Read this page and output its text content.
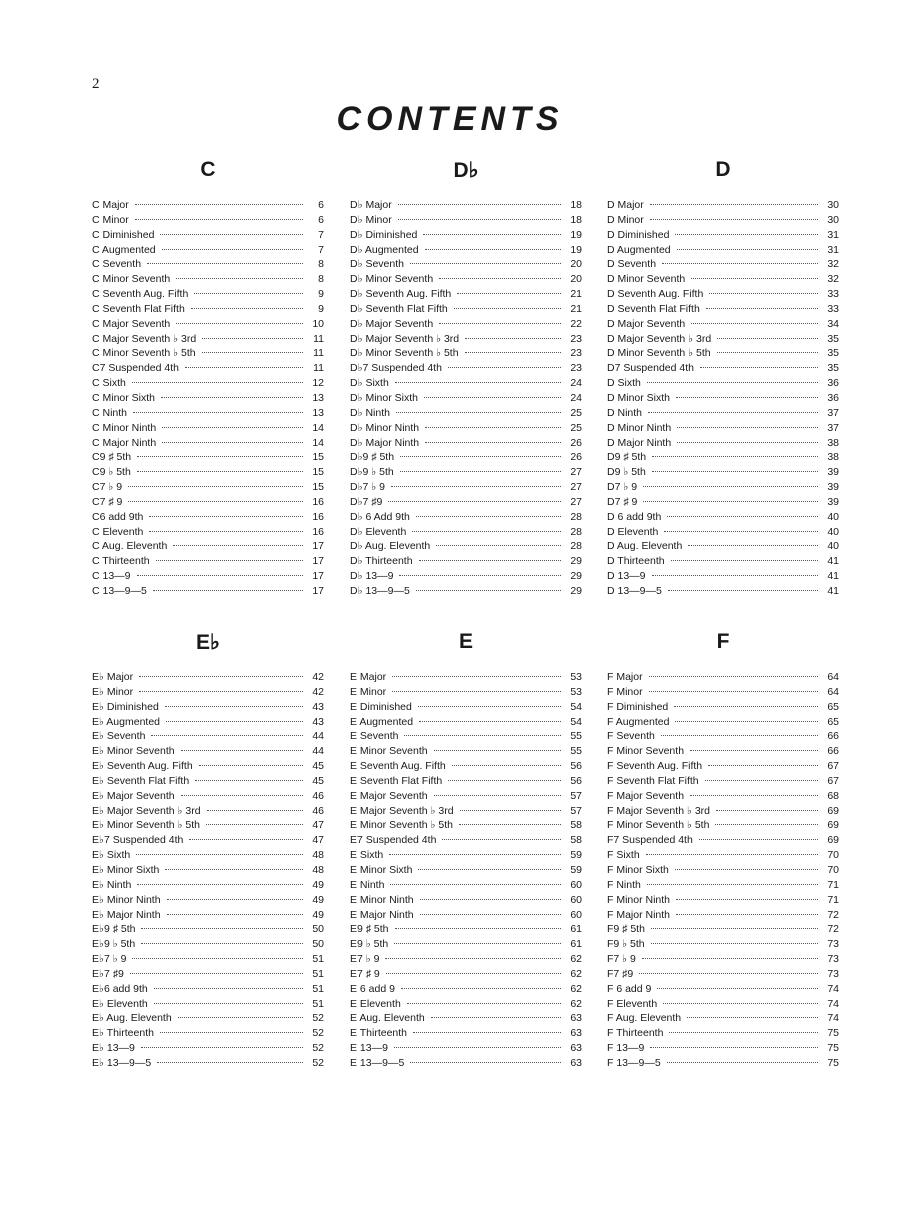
2
CONTENTS
C
C Major	6
C Minor	6
C Diminished	7
C Augmented	7
C Seventh	8
C Minor Seventh	8
C Seventh Aug. Fifth	9
C Seventh Flat Fifth	9
C Major Seventh	10
C Major Seventh ♭ 3rd	11
C Minor Seventh ♭ 5th	11
C7 Suspended 4th	11
C Sixth	12
C Minor Sixth	13
C Ninth	13
C Minor Ninth	14
C Major Ninth	14
C9 ♯ 5th	15
C9 ♭ 5th	15
C7 ♭ 9	15
C7 ♯ 9	16
C6 add 9th	16
C Eleventh	16
C Aug. Eleventh	17
C Thirteenth	17
C 13—9	17
C 13—9—5	17
D♭
D♭ Major	18
D♭ Minor	18
D♭ Diminished	19
D♭ Augmented	19
D♭ Seventh	20
D♭ Minor Seventh	20
D♭ Seventh Aug. Fifth	21
D♭ Seventh Flat Fifth	21
D♭ Major Seventh	22
D♭ Major Seventh ♭ 3rd	23
D♭ Minor Seventh ♭ 5th	23
D♭7 Suspended 4th	23
D♭ Sixth	24
D♭ Minor Sixth	24
D♭ Ninth	25
D♭ Minor Ninth	25
D♭ Major Ninth	26
D♭9 ♯ 5th	26
D♭9 ♭ 5th	27
D♭7 ♭ 9	27
D♭7 ♯9	27
D♭ 6 Add 9th	28
D♭ Eleventh	28
D♭ Aug. Eleventh	28
D♭ Thirteenth	29
D♭ 13—9	29
D♭ 13—9—5	29
D
D Major	30
D Minor	30
D Diminished	31
D Augmented	31
D Seventh	32
D Minor Seventh	32
D Seventh Aug. Fifth	33
D Seventh Flat Fifth	33
D Major Seventh	34
D Major Seventh ♭ 3rd	35
D Minor Seventh ♭ 5th	35
D7 Suspended 4th	35
D Sixth	36
D Minor Sixth	36
D Ninth	37
D Minor Ninth	37
D Major Ninth	38
D9 ♯ 5th	38
D9 ♭ 5th	39
D7 ♭ 9	39
D7 ♯ 9	39
D 6 add 9th	40
D Eleventh	40
D Aug. Eleventh	40
D Thirteenth	41
D 13—9	41
D 13—9—5	41
E♭
E♭ Major	42
E♭ Minor	42
E♭ Diminished	43
E♭ Augmented	43
E♭ Seventh	44
E♭ Minor Seventh	44
E♭ Seventh Aug. Fifth	45
E♭ Seventh Flat Fifth	45
E♭ Major Seventh	46
E♭ Major Seventh ♭ 3rd	46
E♭ Minor Seventh ♭ 5th	47
E♭7 Suspended 4th	47
E♭ Sixth	48
E♭ Minor Sixth	48
E♭ Ninth	49
E♭ Minor Ninth	49
E♭ Major Ninth	49
E♭9 ♯ 5th	50
E♭9 ♭ 5th	50
E♭7 ♭ 9	51
E♭7 ♯9	51
E♭6 add 9th	51
E♭ Eleventh	51
E♭ Aug. Eleventh	52
E♭ Thirteenth	52
E♭ 13—9	52
E♭ 13—9—5	52
E
E Major	53
E Minor	53
E Diminished	54
E Augmented	54
E Seventh	55
E Minor Seventh	55
E Seventh Aug. Fifth	56
E Seventh Flat Fifth	56
E Major Seventh	57
E Major Seventh ♭ 3rd	57
E Minor Seventh ♭ 5th	58
E7 Suspended 4th	58
E Sixth	59
E Minor Sixth	59
E Ninth	60
E Minor Ninth	60
E Major Ninth	60
E9 ♯ 5th	61
E9 ♭ 5th	61
E7 ♭ 9	62
E7 ♯ 9	62
E 6 add 9	62
E Eleventh	62
E Aug. Eleventh	63
E Thirteenth	63
E 13—9	63
E 13—9—5	63
F
F Major	64
F Minor	64
F Diminished	65
F Augmented	65
F Seventh	66
F Minor Seventh	66
F Seventh Aug. Fifth	67
F Seventh Flat Fifth	67
F Major Seventh	68
F Major Seventh ♭ 3rd	69
F Minor Seventh ♭ 5th	69
F7 Suspended 4th	69
F Sixth	70
F Minor Sixth	70
F Ninth	71
F Minor Ninth	71
F Major Ninth	72
F9 ♯ 5th	72
F9 ♭ 5th	73
F7 ♭ 9	73
F7 ♯9	73
F 6 add 9	74
F Eleventh	74
F Aug. Eleventh	74
F Thirteenth	75
F 13—9	75
F 13—9—5	75
